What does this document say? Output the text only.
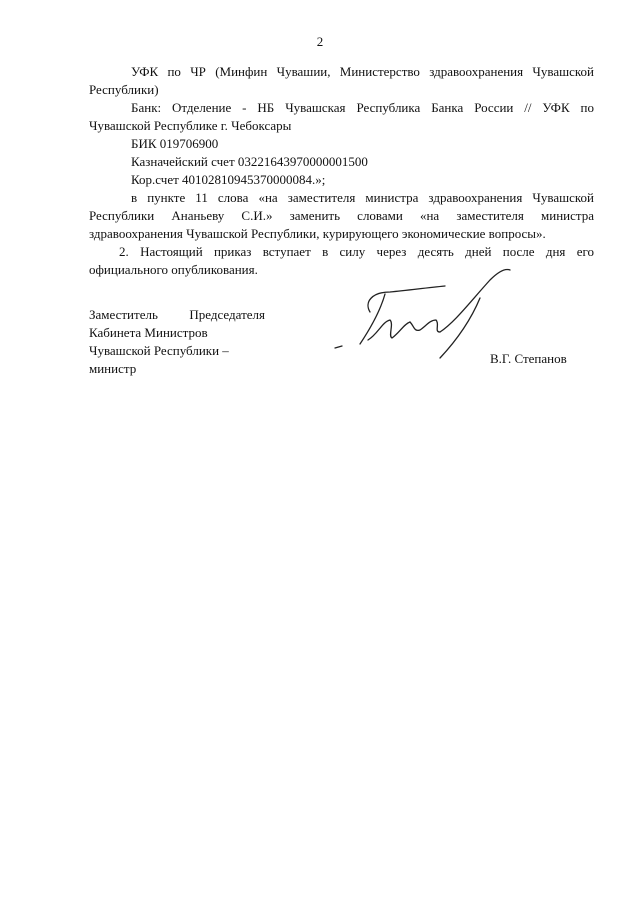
2
УФК по ЧР (Минфин Чувашии, Министерство здравоохранения Чувашской
Республики)
Банк: Отделение - НБ Чувашская Республика Банка России // УФК по
Чувашской Республике г. Чебоксары
БИК 019706900
Казначейский счет 03221643970000001500
Кор.счет 40102810945370000084.»;
в пункте 11 слова «на заместителя министра здравоохранения Чувашской
Республики Ананьеву С.И.» заменить словами «на заместителя министра
здравоохранения Чувашской Республики, курирующего экономические вопросы».
2. Настоящий приказ вступает в силу через десять дней после дня его
официального опубликования.
Заместитель Председателя
Кабинета Министров
Чувашской Республики –
министр
В.Г. Степанов
